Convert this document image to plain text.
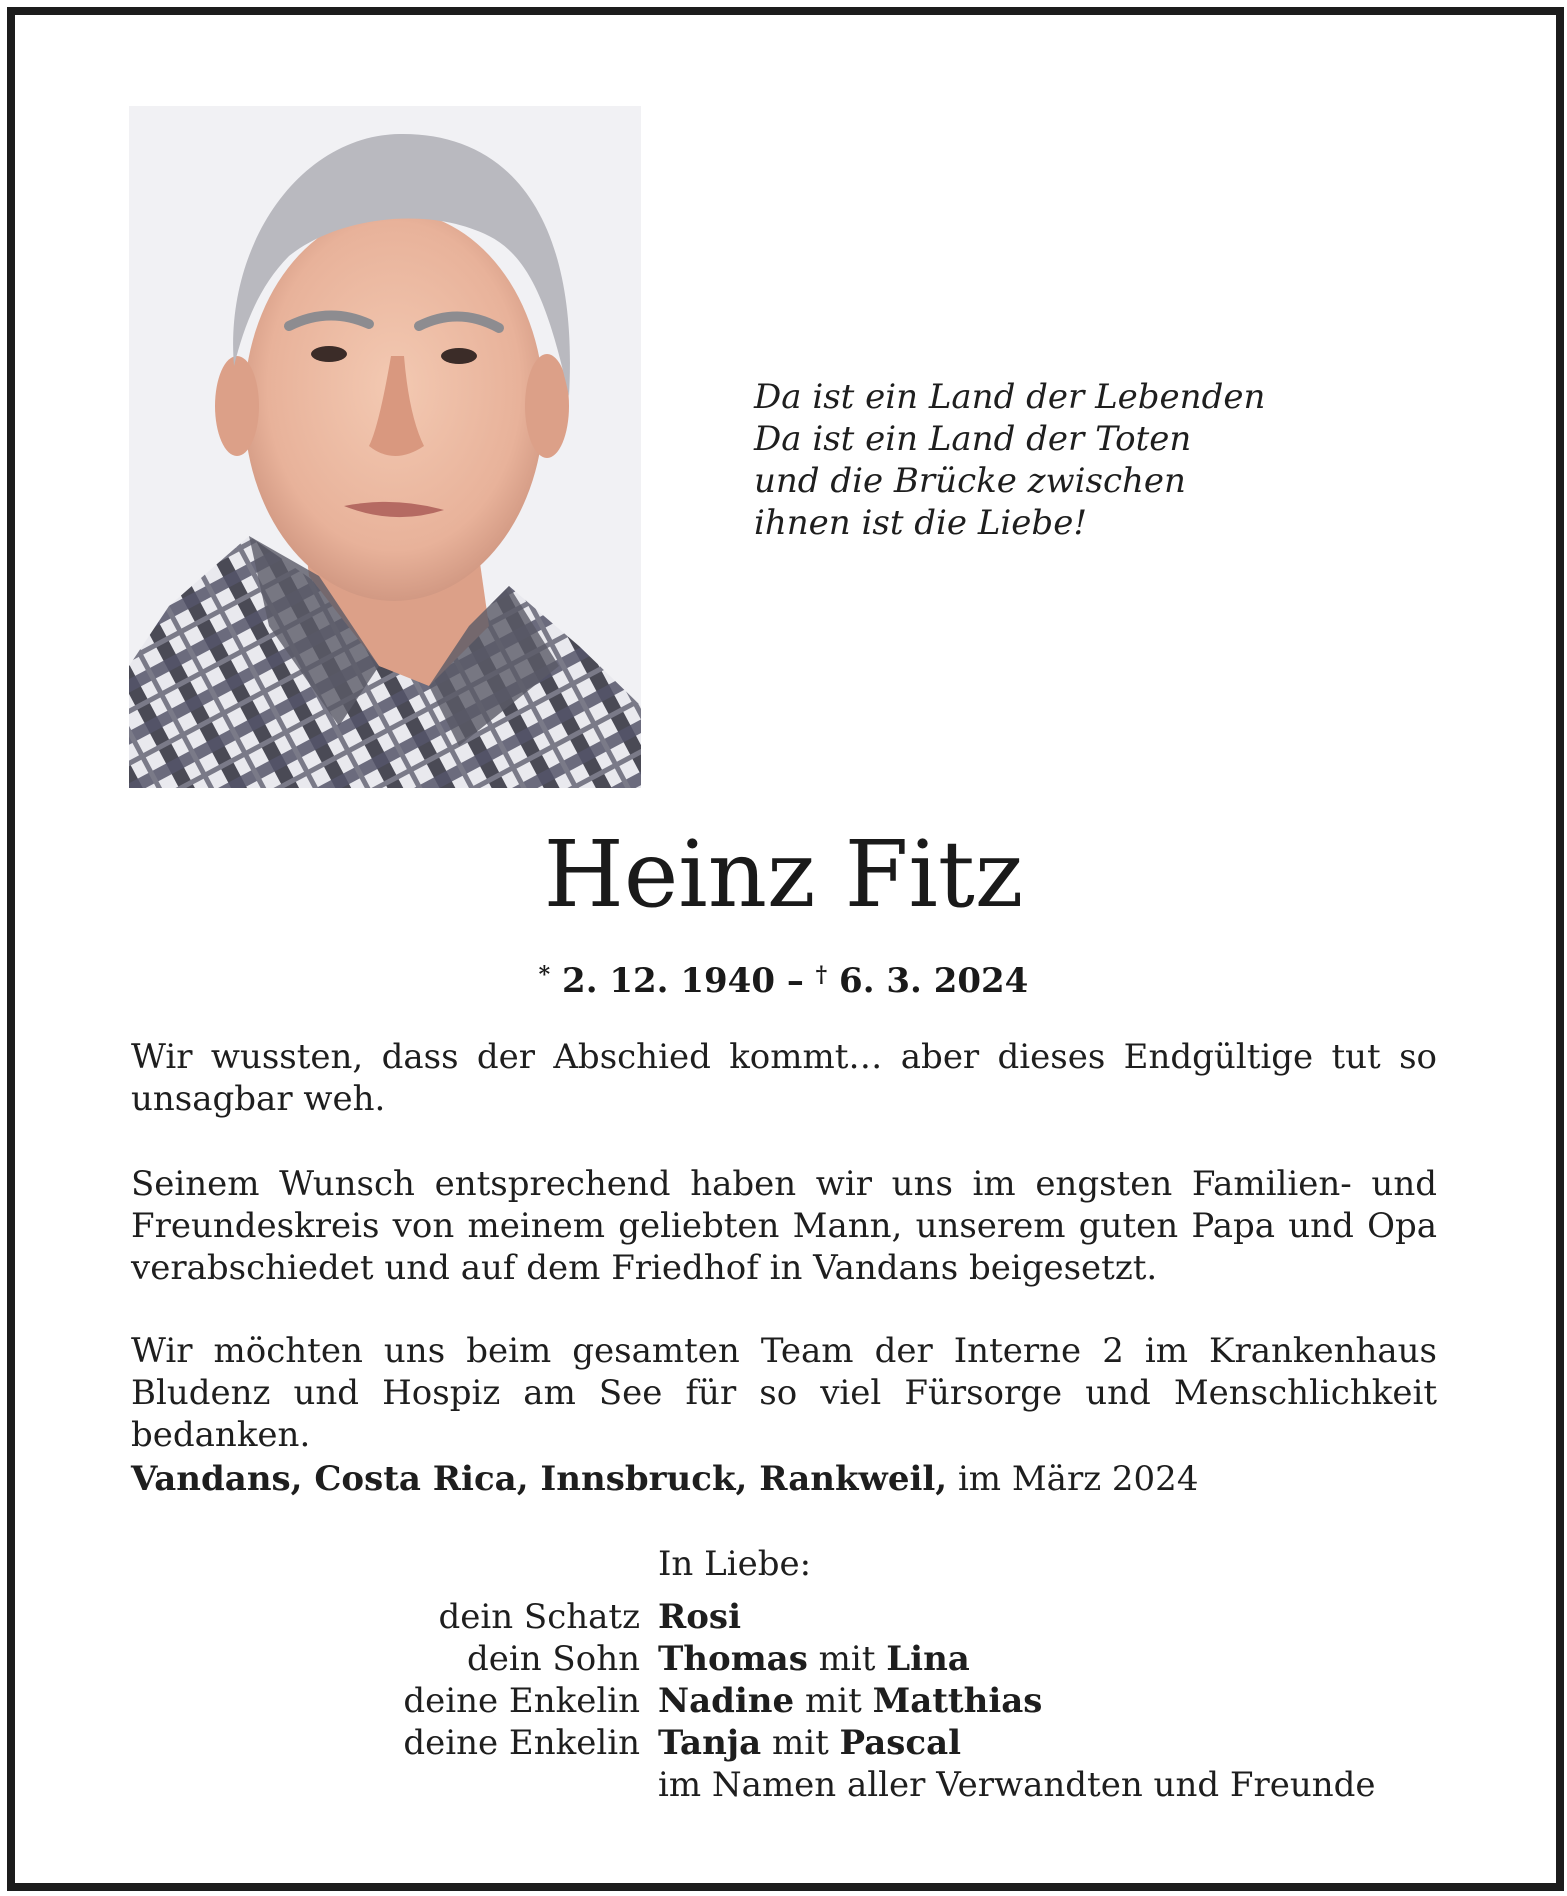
Da ist ein Land der Lebenden
Da ist ein Land der Toten
und die Brücke zwischen
ihnen ist die Liebe!
Heinz Fitz
* 2. 12. 1940 – † 6. 3. 2024
Wir wussten, dass der Abschied kommt… aber dieses Endgültige tut so unsagbar weh.
Seinem Wunsch entsprechend haben wir uns im engsten Familien- und Freundeskreis von meinem geliebten Mann, unserem guten Papa und Opa verabschiedet und auf dem Friedhof in Vandans beigesetzt.
Wir möchten uns beim gesamten Team der Interne 2 im Krankenhaus Bludenz und Hospiz am See für so viel Fürsorge und Menschlichkeit bedanken.
Vandans, Costa Rica, Innsbruck, Rankweil, im März 2024
In Liebe:
dein Schatz Rosi
dein Sohn Thomas mit Lina
deine Enkelin Nadine mit Matthias
deine Enkelin Tanja mit Pascal
im Namen aller Verwandten und Freunde
